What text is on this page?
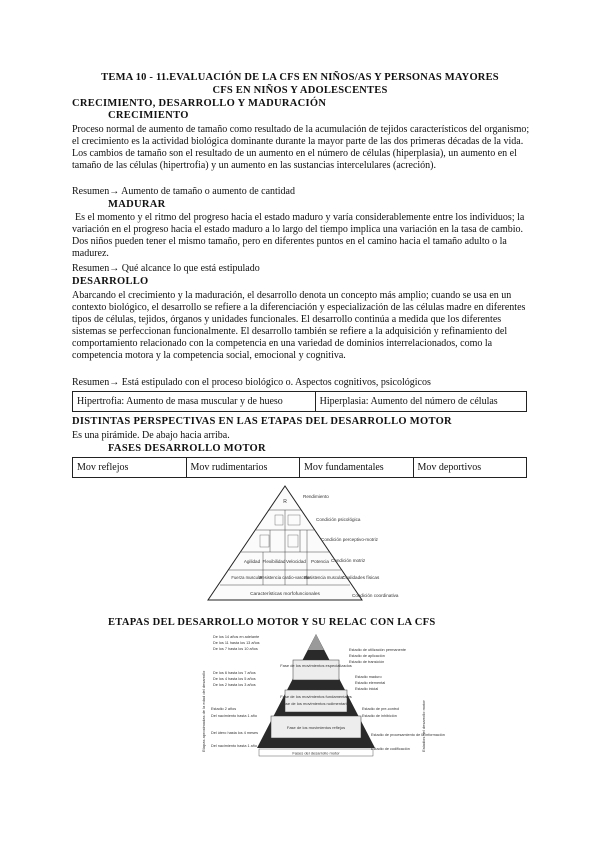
TEMA 10 - 11.EVALUACIÓN DE LA CFS EN NIÑOS/AS Y PERSONAS MAYORES
CFS EN NIÑOS Y ADOLESCENTES
CRECIMIENTO, DESARROLLO Y MADURACIÓN
CRECIMIENTO
Proceso normal de aumento de tamaño como resultado de la acumulación de tejidos característicos del organismo; el crecimiento es la actividad biológica dominante durante la mayor parte de las dos primeras décadas de la vida. Los cambios de tamaño son el resultado de un aumento en el número de células (hiperplasia), un aumento en el tamaño de las células (hipertrofia) y un aumento en las sustancias intercelulares (acreción).
Resumen→ Aumento de tamaño o aumento de cantidad
MADURAR
Es el momento y el ritmo del progreso hacia el estado maduro y varía considerablemente entre los individuos; la variación en el progreso hacia el estado maduro a lo largo del tiempo implica una variación en la tasa de cambio. Dos niños pueden tener el mismo tamaño, pero en diferentes puntos en el camino hacia el tamaño adulto o la madurez.
Resumen→ Qué alcance lo que está estipulado
DESARROLLO
Abarcando el crecimiento y la maduración, el desarrollo denota un concepto más amplio; cuando se usa en un contexto biológico, el desarrollo se refiere a la diferenciación y especialización de las células madre en diferentes tipos de células, tejidos, órganos y unidades funcionales. El desarrollo continúa a medida que los diferentes sistemas se perfeccionan funcionalmente. El desarrollo también se refiere a la adquisición y refinamiento del comportamiento relacionado con la competencia en una variedad de dominios interrelacionados, como la competencia motora y la competencia social, emocional y cognitiva.
Resumen→ Está estipulado con el proceso biológico o. Aspectos cognitivos, psicológicos
Hipertrofia: Aumento de masa muscular y de hueso	Hiperplasia: Aumento del número de células
DISTINTAS PERSPECTIVAS EN LAS ETAPAS DEL DESARROLLO MOTOR
Es una pirámide. De abajo hacia arriba.
FASES DESARROLLO MOTOR
Mov reflejos	Mov rudimentarios	Mov fundamentales	Mov deportivos
R
Rendimiento
Condición psicológica
Condición perceptivo-motriz
Condición motriz
Cualidades físicas
Condición coordinativa
Agilidad Flexibilidad Velocidad Potencia
Fuerza muscular
Resistencia cardio-vascular
Resistencia muscular
Características morfofuncionales
ETAPAS DEL DESARROLLO MOTOR Y SU RELAC CON LA CFS
Fase de los movimientos especializados
Fase de los movimientos fundamentales
Fase de los movimientos rudimentarios
Fase de los movimientos reflejos
Fases del desarrollo motor
De los 14 años en adelante
De los 11 hasta los 13 años
De los 7 hasta los 10 años
De los 6 hasta los 7 años
De los 4 hasta los 5 años
De los 2 hasta los 3 años
Estadio 2 años
Del nacimiento hasta 1 año
Del útero hasta los 4 meses
Del nacimiento hasta 1 año
Estadio de utilización permanente
Estadio de aplicación
Estadio de transición
Estadio maduro
Estadio elemental
Estadio inicial
Estadio de pre-control
Estadio de inhibición
Estadio de procesamiento de la información
Estadio de codificación
Etapas aproximadas de la edad del desarrollo	Estadios del desarrollo motor
